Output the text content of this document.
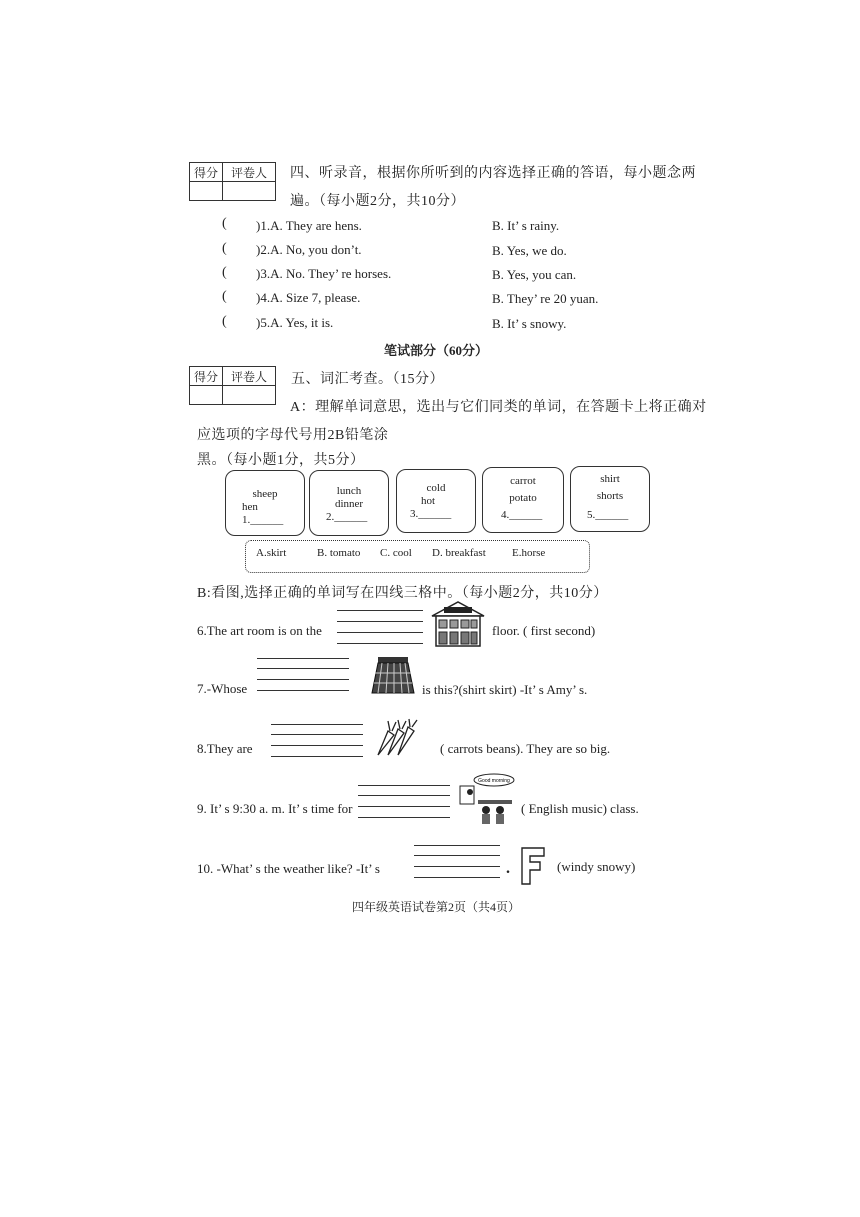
得分	评卷人
	四、听录音，根据你所听到的内容选择正确的答语，每小题念两
遍。（每小题2分，共10分）
( )1.A. They are hens.	B. It’ s rainy.
( )2.A. No, you don’t.	B. Yes, we do.
( )3.A. No. They’ re horses.	B. Yes, you can.
( )4.A. Size 7, please.	B. They’ re 20 yuan.
( )5.A. Yes, it is.	B. It’ s snowy.
笔试部分（60分）
得分	评卷人
	五、词汇考查。（15分）
A：理解单词意思，选出与它们同类的单词，在答题卡上将正确对
应选项的字母代号用2B铅笔涂
黑。（每小题1分，共5分）
sheep
hen
1.______
lunch
dinner
2.______
cold
hot
3.______
carrot
potato
4.______
shirt
shorts
5.______
A.skirt	B. tomato C. cool D. breakfast E.horse
B:看图,选择正确的单词写在四线三格中。（每小题2分，共10分）
6.The art room is on the	floor. ( first second)
7.-Whose	is this?(shirt skirt) -It’ s Amy’ s.
8.They are	( carrots beans). They are so big.
9. It’ s 9:30 a. m. It’ s time for
Good morning
( English music) class.
10. -What’ s the weather like? -It’ s	.	(windy snowy)
四年级英语试卷第2页（共4页）
